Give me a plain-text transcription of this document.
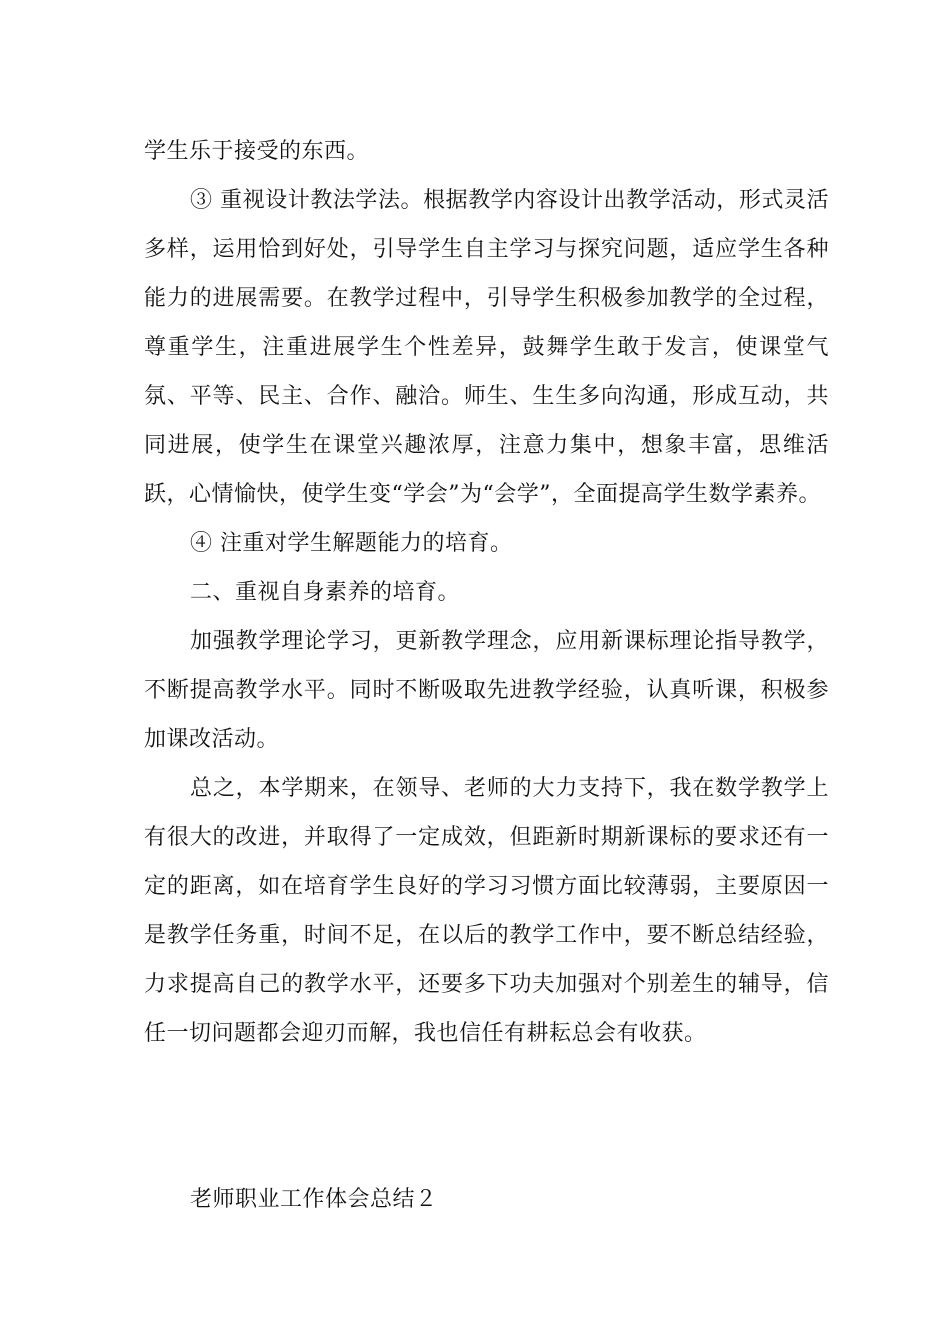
学生乐于接受的东西。

③ 重视设计教法学法。根据教学内容设计出教学活动，形式灵活多样，运用恰到好处，引导学生自主学习与探究问题，适应学生各种能力的进展需要。在教学过程中，引导学生积极参加教学的全过程，尊重学生，注重进展学生个性差异，鼓舞学生敢于发言，使课堂气氛、平等、民主、合作、融洽。师生、生生多向沟通，形成互动，共同进展，使学生在课堂兴趣浓厚，注意力集中，想象丰富，思维活跃，心情愉快，使学生变“学会”为“会学”，全面提高学生数学素养。

④ 注重对学生解题能力的培育。

二、重视自身素养的培育。

加强教学理论学习，更新教学理念，应用新课标理论指导教学，不断提高教学水平。同时不断吸取先进教学经验，认真听课，积极参加课改活动。

总之，本学期来，在领导、老师的大力支持下，我在数学教学上有很大的改进，并取得了一定成效，但距新时期新课标的要求还有一定的距离，如在培育学生良好的学习习惯方面比较薄弱，主要原因一是教学任务重，时间不足，在以后的教学工作中，要不断总结经验，力求提高自己的教学水平，还要多下功夫加强对个别差生的辅导，信任一切问题都会迎刃而解，我也信任有耕耘总会有收获。

老师职业工作体会总结２
